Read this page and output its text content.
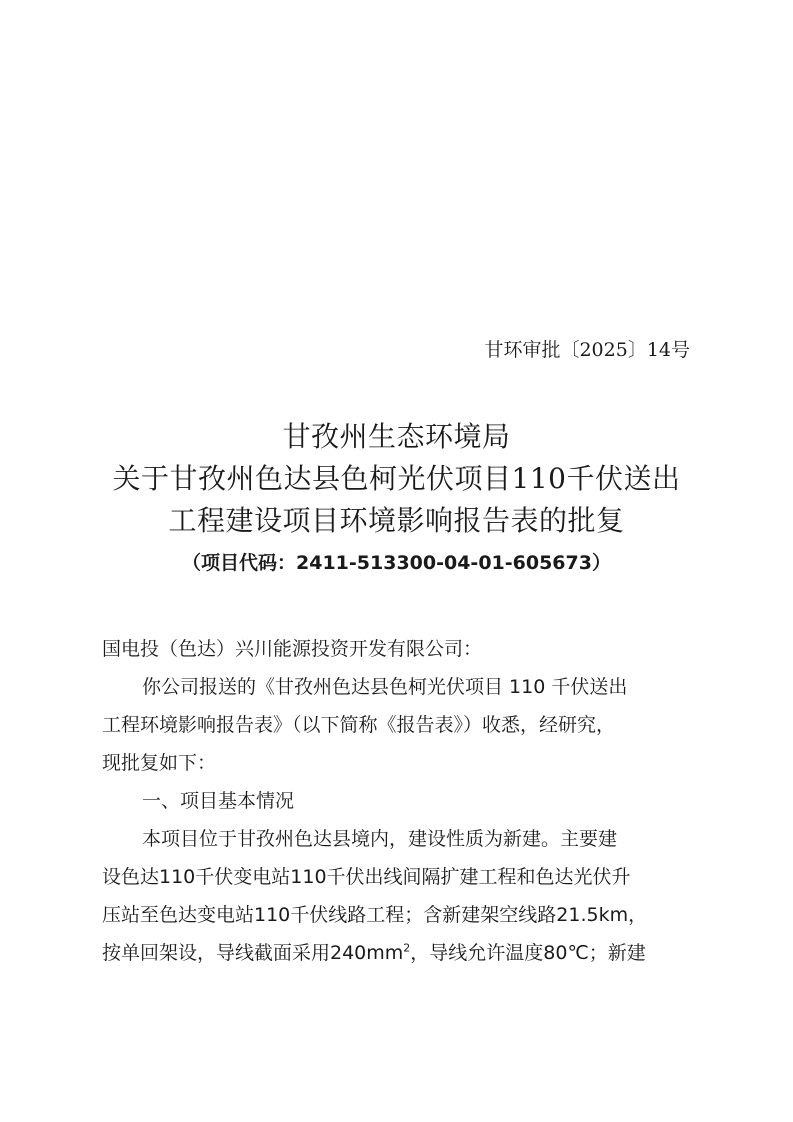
甘环审批〔2025〕14号
甘孜州生态环境局
关于甘孜州色达县色柯光伏项目110千伏送出
工程建设项目环境影响报告表的批复
（项目代码：2411-513300-04-01-605673）

国电投（色达）兴川能源投资开发有限公司：

你公司报送的《甘孜州色达县色柯光伏项目 110 千伏送出
工程环境影响报告表》（以下简称《报告表》）收悉，经研究，
现批复如下：

一、项目基本情况

本项目位于甘孜州色达县境内，建设性质为新建。主要建
设色达110千伏变电站110千伏出线间隔扩建工程和色达光伏升
压站至色达变电站110千伏线路工程；含新建架空线路21.5km，
按单回架设，导线截面采用$240mm^2$，导线允许温度80℃；新建
